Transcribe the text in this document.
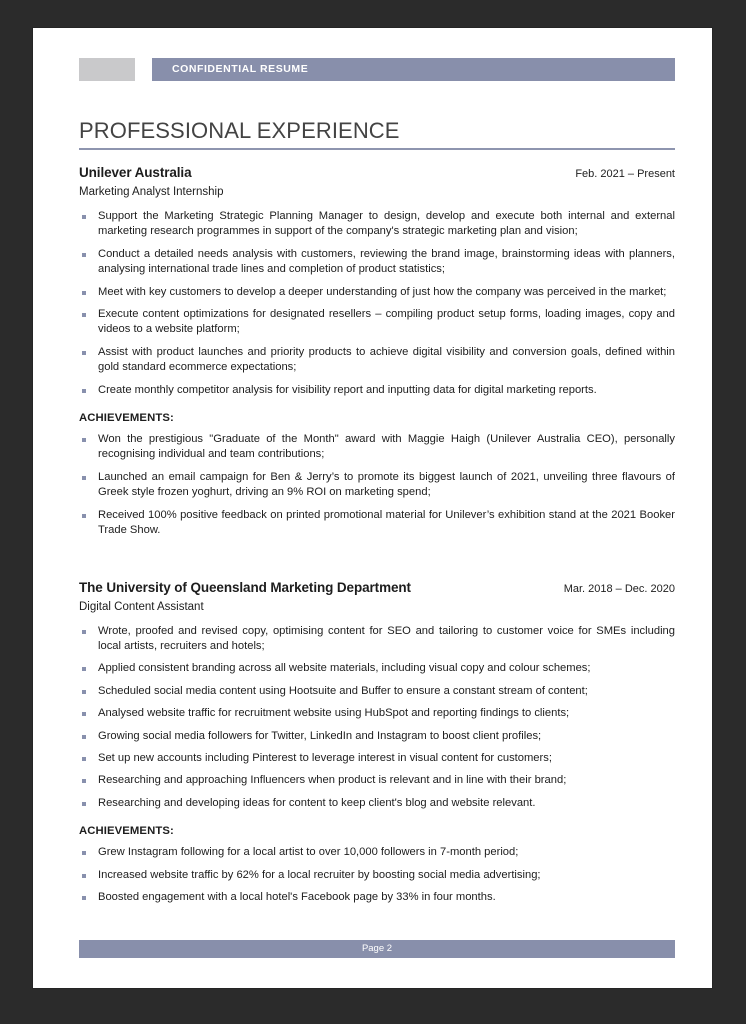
CONFIDENTIAL RESUME
PROFESSIONAL EXPERIENCE
Unilever Australia	Feb. 2021 – Present
Marketing Analyst Internship
Support the Marketing Strategic Planning Manager to design, develop and execute both internal and external marketing research programmes in support of the company's strategic marketing plan and vision;
Conduct a detailed needs analysis with customers, reviewing the brand image, brainstorming ideas with planners, analysing international trade lines and completion of product statistics;
Meet with key customers to develop a deeper understanding of just how the company was perceived in the market;
Execute content optimizations for designated resellers – compiling product setup forms, loading images, copy and videos to a website platform;
Assist with product launches and priority products to achieve digital visibility and conversion goals, defined within gold standard ecommerce expectations;
Create monthly competitor analysis for visibility report and inputting data for digital marketing reports.
ACHIEVEMENTS:
Won the prestigious "Graduate of the Month" award with Maggie Haigh (Unilever Australia CEO), personally recognising individual and team contributions;
Launched an email campaign for Ben & Jerry’s to promote its biggest launch of 2021, unveiling three flavours of Greek style frozen yoghurt, driving an 9% ROI on marketing spend;
Received 100% positive feedback on printed promotional material for Unilever’s exhibition stand at the 2021 Booker Trade Show.
The University of Queensland Marketing Department	Mar. 2018 – Dec. 2020
Digital Content Assistant
Wrote, proofed and revised copy, optimising content for SEO and tailoring to customer voice for SMEs including local artists, recruiters and hotels;
Applied consistent branding across all website materials, including visual copy and colour schemes;
Scheduled social media content using Hootsuite and Buffer to ensure a constant stream of content;
Analysed website traffic for recruitment website using HubSpot and reporting findings to clients;
Growing social media followers for Twitter, LinkedIn and Instagram to boost client profiles;
Set up new accounts including Pinterest to leverage interest in visual content for customers;
Researching and approaching Influencers when product is relevant and in line with their brand;
Researching and developing ideas for content to keep client's blog and website relevant.
ACHIEVEMENTS:
Grew Instagram following for a local artist to over 10,000 followers in 7-month period;
Increased website traffic by 62% for a local recruiter by boosting social media advertising;
Boosted engagement with a local hotel's Facebook page by 33% in four months.
Page 2
